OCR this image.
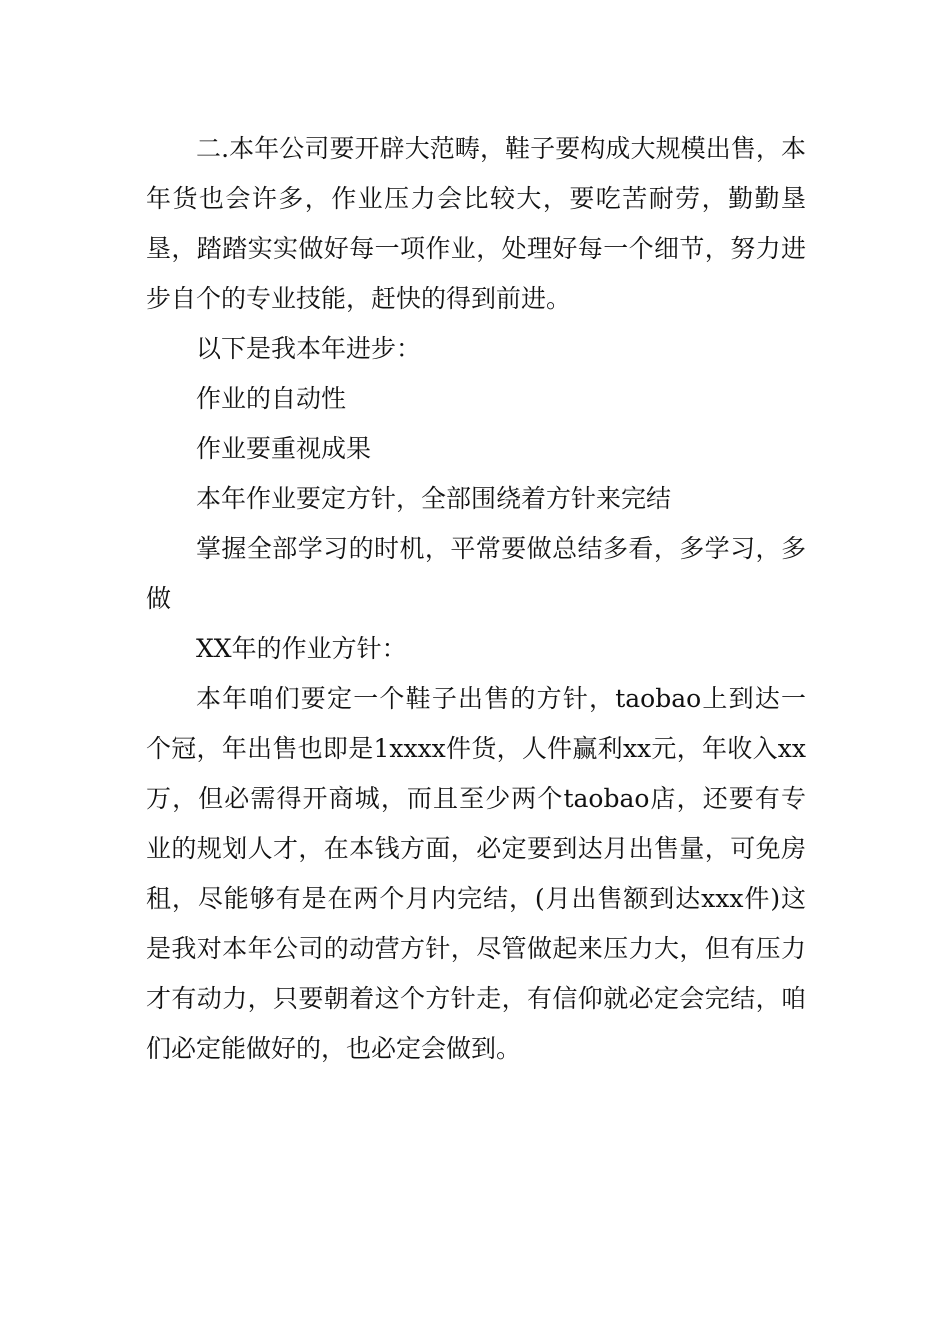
二.本年公司要开辟大范畴，鞋子要构成大规模出售，本年货也会许多，作业压力会比较大，要吃苦耐劳，勤勤垦垦，踏踏实实做好每一项作业，处理好每一个细节，努力进步自个的专业技能，赶快的得到前进。

以下是我本年进步：

作业的自动性

作业要重视成果

本年作业要定方针，全部围绕着方针来完结

掌握全部学习的时机，平常要做总结多看，多学习，多做

XX年的作业方针：

本年咱们要定一个鞋子出售的方针，taobao上到达一个冠，年出售也即是1xxxx件货，人件赢利xx元，年收入xx万，但必需得开商城，而且至少两个taobao店，还要有专业的规划人才，在本钱方面，必定要到达月出售量，可免房租，尽能够有是在两个月内完结，(月出售额到达xxx件)这是我对本年公司的动营方针，尽管做起来压力大，但有压力才有动力，只要朝着这个方针走，有信仰就必定会完结，咱们必定能做好的，也必定会做到。
